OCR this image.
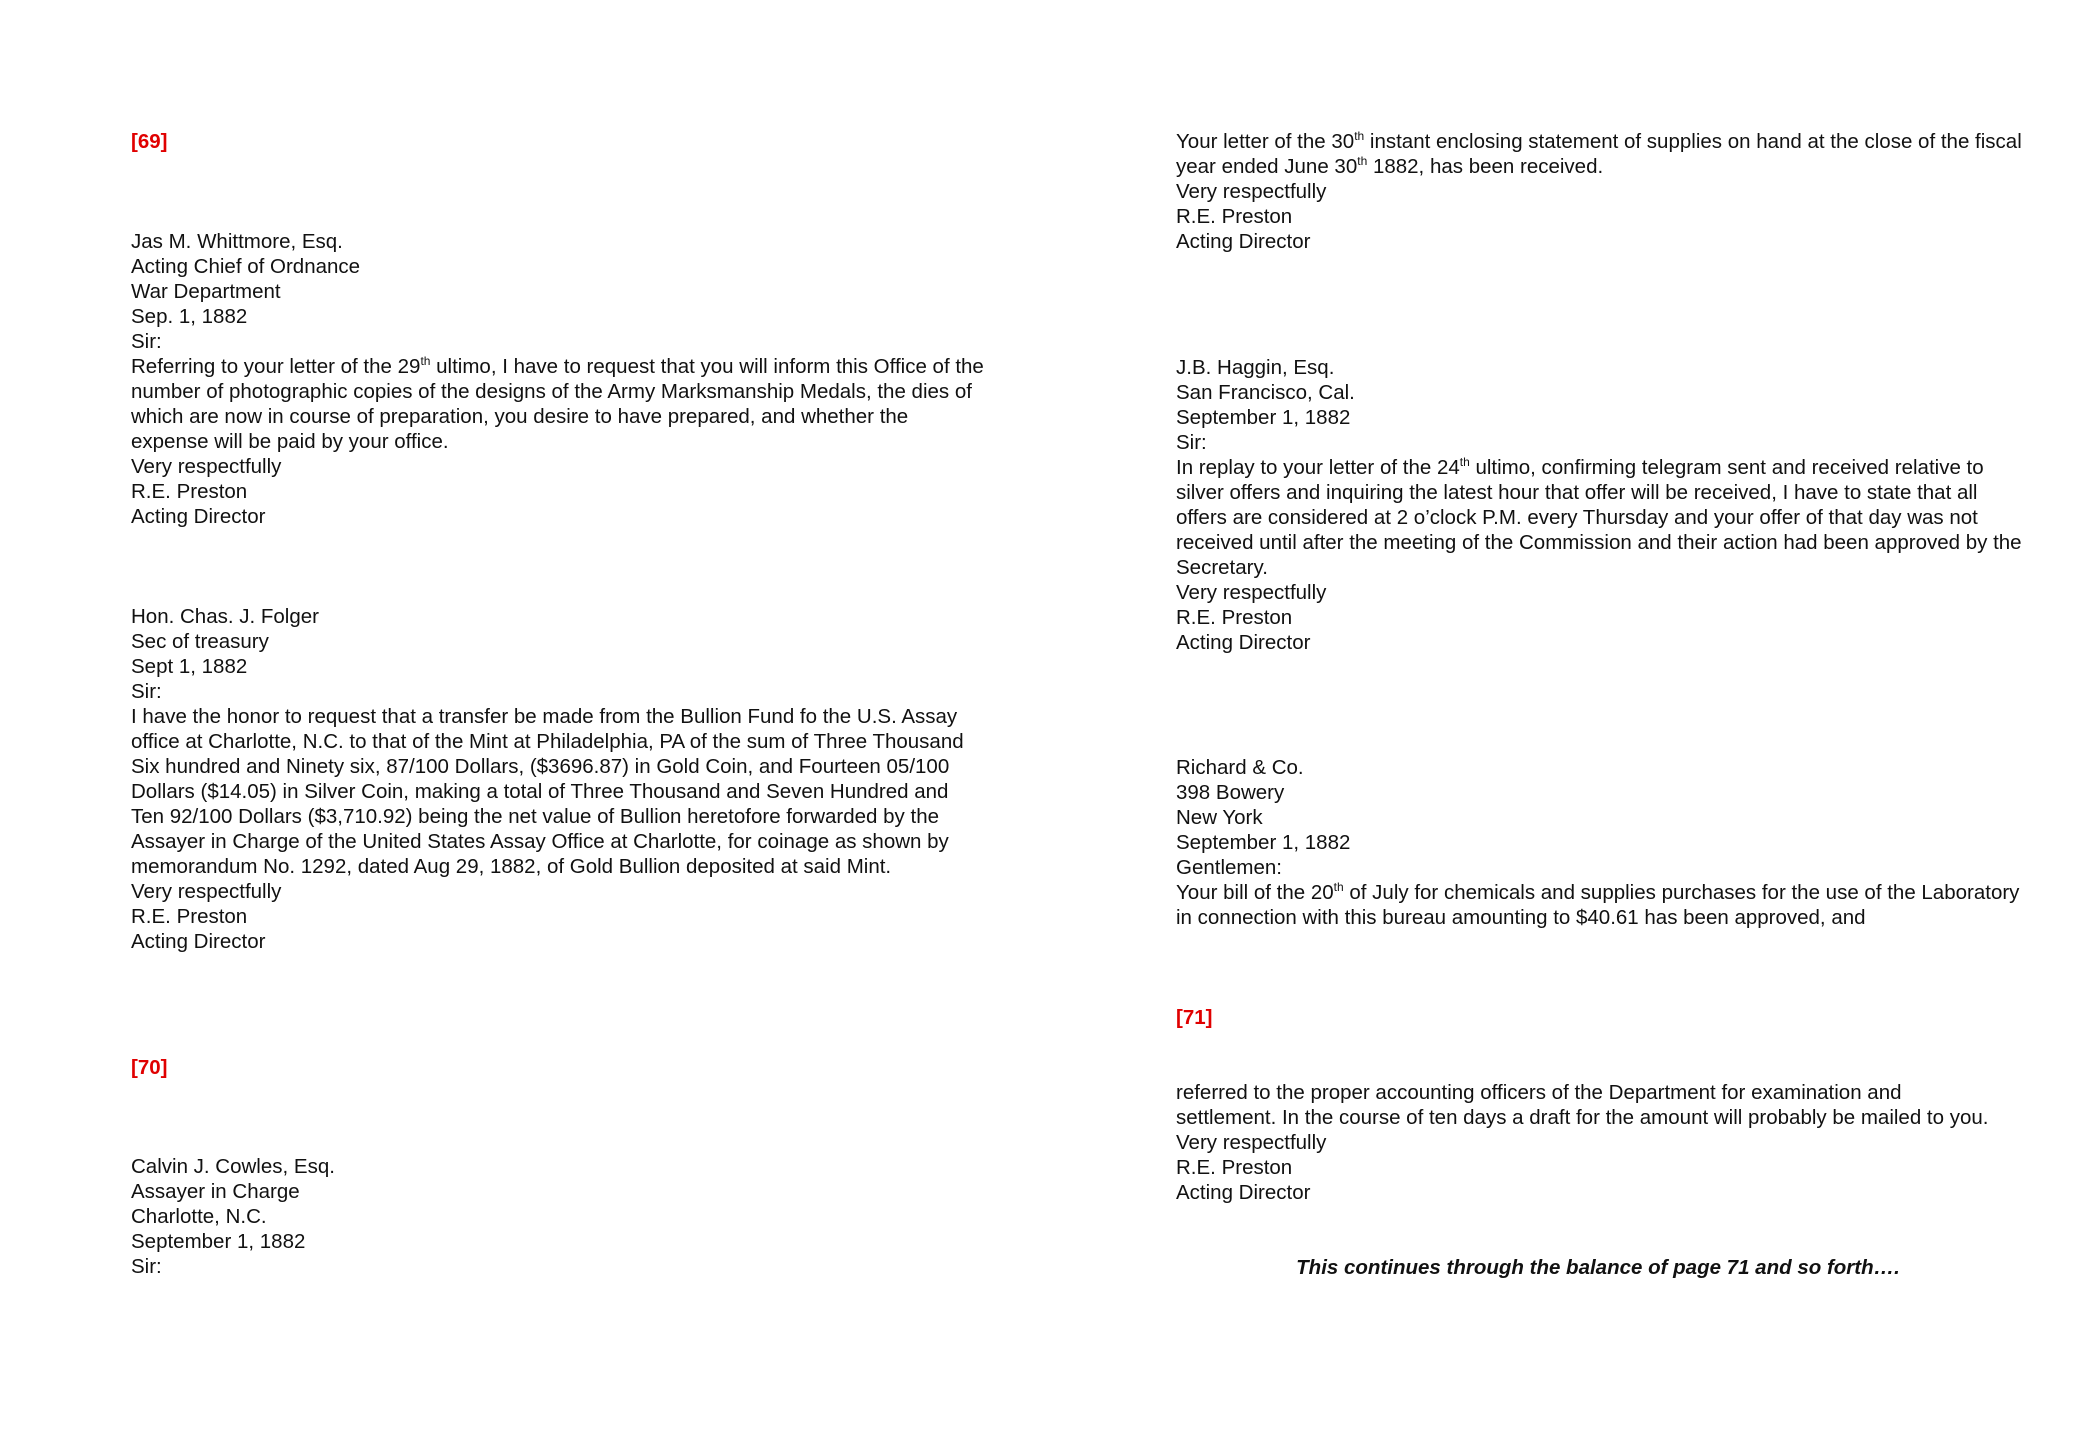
[69]
Jas M. Whittmore, Esq.
Acting Chief of Ordnance
War Department
Sep. 1, 1882
Sir:
Referring to your letter of the 29th ultimo, I have to request that you will inform this Office of the number of photographic copies of the designs of the Army Marksmanship Medals, the dies of which are now in course of preparation, you desire to have prepared, and whether the expense will be paid by your office.
Very respectfully
R.E. Preston
Acting Director
Hon. Chas. J. Folger
Sec of treasury
Sept 1, 1882
Sir:
I have the honor to request that a transfer be made from the Bullion Fund fo the U.S. Assay office at Charlotte, N.C. to that of the Mint at Philadelphia, PA of the sum of Three Thousand Six hundred and Ninety six, 87/100 Dollars, ($3696.87) in Gold Coin, and Fourteen 05/100 Dollars ($14.05) in Silver Coin, making a total of Three Thousand and Seven Hundred and Ten 92/100 Dollars ($3,710.92) being the net value of Bullion heretofore forwarded by the Assayer in Charge of the United States Assay Office at Charlotte, for coinage as shown by memorandum No. 1292, dated Aug 29, 1882, of Gold Bullion deposited at said Mint.
Very respectfully
R.E. Preston
Acting Director
[70]
Calvin J. Cowles, Esq.
Assayer in Charge
Charlotte, N.C.
September 1, 1882
Sir:
Your letter of the 30th instant enclosing statement of supplies on hand at the close of the fiscal year ended June 30th 1882, has been received.
Very respectfully
R.E. Preston
Acting Director
J.B. Haggin, Esq.
San Francisco, Cal.
September 1, 1882
Sir:
In replay to your letter of the 24th ultimo, confirming telegram sent and received relative to silver offers and inquiring the latest hour that offer will be received, I have to state that all offers are considered at 2 o’clock P.M. every Thursday and your offer of that day was not received until after the meeting of the Commission and their action had been approved by the Secretary.
Very respectfully
R.E. Preston
Acting Director
Richard & Co.
398 Bowery
New York
September 1, 1882
Gentlemen:
Your bill of the 20th of July for chemicals and supplies purchases for the use of the Laboratory in connection with this bureau amounting to $40.61 has been approved, and
[71]
referred to the proper accounting officers of the Department for examination and settlement. In the course of ten days a draft for the amount will probably be mailed to you.
Very respectfully
R.E. Preston
Acting Director
This continues through the balance of page 71 and so forth….
